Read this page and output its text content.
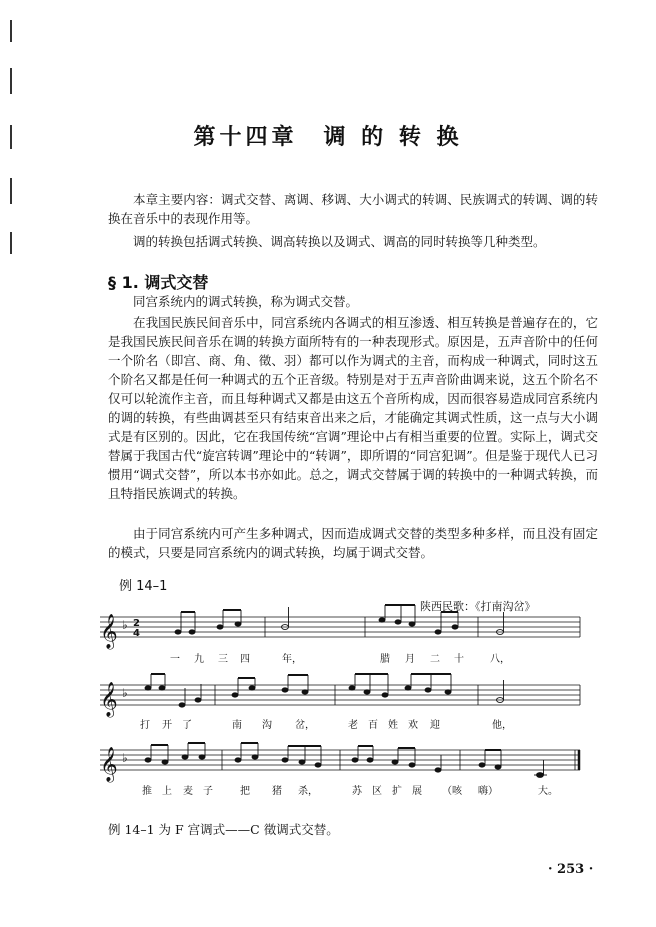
第十四章　调 的 转 换

本章主要内容：调式交替、离调、移调、大小调式的转调、民族调式的转调、调的转换在音乐中的表现作用等。

调的转换包括调式转换、调高转换以及调式、调高的同时转换等几种类型。

§ 1. 调式交替

同宫系统内的调式转换，称为调式交替。

在我国民族民间音乐中，同宫系统内各调式的相互渗透、相互转换是普遍存在的，它是我国民族民间音乐在调的转换方面所特有的一种表现形式。原因是，五声音阶中的任何一个阶名（即宫、商、角、徵、羽）都可以作为调式的主音，而构成一种调式，同时这五个阶名又都是任何一种调式的五个正音级。特别是对于五声音阶曲调来说，这五个阶名不仅可以轮流作主音，而且每种调式又都是由这五个音所构成，因而很容易造成同宫系统内的调的转换，有些曲调甚至只有结束音出来之后，才能确定其调式性质，这一点与大小调式是有区别的。因此，它在我国传统“宫调”理论中占有相当重要的位置。实际上，调式交替属于我国古代“旋宫转调”理论中的“转调”，即所谓的“同宫犯调”。但是鉴于现代人已习惯用“调式交替”，所以本书亦如此。总之，调式交替属于调的转换中的一种调式转换，而且特指民族调式的转换。

由于同宫系统内可产生多种调式，因而造成调式交替的类型多种多样，而且没有固定的模式，只要是同宫系统内的调式转换，均属于调式交替。

例 14–1
陕西民歌：《打南沟岔》
𝄞
𝄞
𝄞
♭
♭
♭
2
4
一 九 三 四	年，	腊 月 二 十	八，
打 开 了	南 沟 岔，	老 百 姓 欢 迎	他，
推 上 麦 子	把 猪 杀，	苏 区 扩 展 （咳 嗨）	大。
例 14–1 为 F 宫调式——C 徵调式交替。
· 253 ·
